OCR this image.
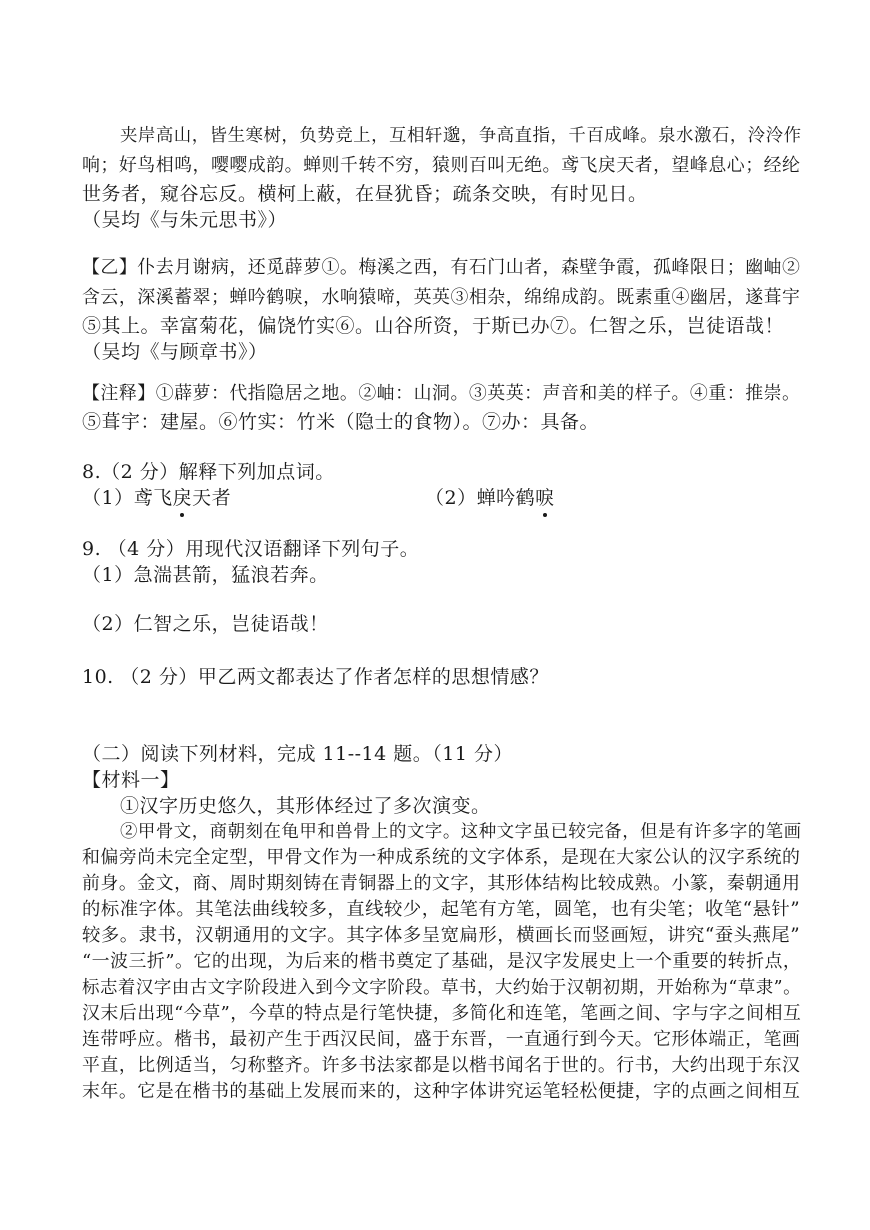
夹岸高山，皆生寒树，负势竞上，互相轩邈，争高直指，千百成峰。泉水激石，泠泠作
响；好鸟相鸣，嘤嘤成韵。蝉则千转不穷，猿则百叫无绝。鸢飞戾天者，望峰息心；经纶
世务者，窥谷忘反。横柯上蔽，在昼犹昏；疏条交映，有时见日。
（吴均《与朱元思书》）
【乙】仆去月谢病，还觅薜萝①。梅溪之西，有石门山者，森壁争霞，孤峰限日；幽岫②
含云，深溪蓄翠；蝉吟鹤唳，水响猿啼，英英③相杂，绵绵成韵。既素重④幽居，遂葺宇
⑤其上。幸富菊花，偏饶竹实⑥。山谷所资，于斯已办⑦。仁智之乐，岂徒语哉！
（吴均《与顾章书》）
【注释】①薜萝：代指隐居之地。②岫：山洞。③英英：声音和美的样子。④重：推崇。
⑤葺宇：建屋。⑥竹实：竹米（隐士的食物）。⑦办：具备。
8.（2 分）解释下列加点词。
（1）鸢飞戾天者	（2）蝉吟鹤唳
9. （4 分）用现代汉语翻译下列句子。
（1）急湍甚箭，猛浪若奔。
（2）仁智之乐，岂徒语哉！
10. （2 分）甲乙两文都表达了作者怎样的思想情感？
（二）阅读下列材料，完成 11--14 题。（11 分）
【材料一】
①汉字历史悠久，其形体经过了多次演变。
②甲骨文，商朝刻在龟甲和兽骨上的文字。这种文字虽已较完备，但是有许多字的笔画
和偏旁尚未完全定型，甲骨文作为一种成系统的文字体系，是现在大家公认的汉字系统的
前身。金文，商、周时期刻铸在青铜器上的文字，其形体结构比较成熟。小篆，秦朝通用
的标准字体。其笔法曲线较多，直线较少，起笔有方笔，圆笔，也有尖笔；收笔“悬针”
较多。隶书，汉朝通用的文字。其字体多呈宽扁形，横画长而竖画短，讲究“蚕头燕尾”
“一波三折”。它的出现，为后来的楷书奠定了基础，是汉字发展史上一个重要的转折点，
标志着汉字由古文字阶段进入到今文字阶段。草书，大约始于汉朝初期，开始称为“草隶”。
汉末后出现“今草”，今草的特点是行笔快捷，多简化和连笔，笔画之间、字与字之间相互
连带呼应。楷书，最初产生于西汉民间，盛于东晋，一直通行到今天。它形体端正，笔画
平直，比例适当，匀称整齐。许多书法家都是以楷书闻名于世的。行书，大约出现于东汉
末年。它是在楷书的基础上发展而来的，这种字体讲究运笔轻松便捷，字的点画之间相互
